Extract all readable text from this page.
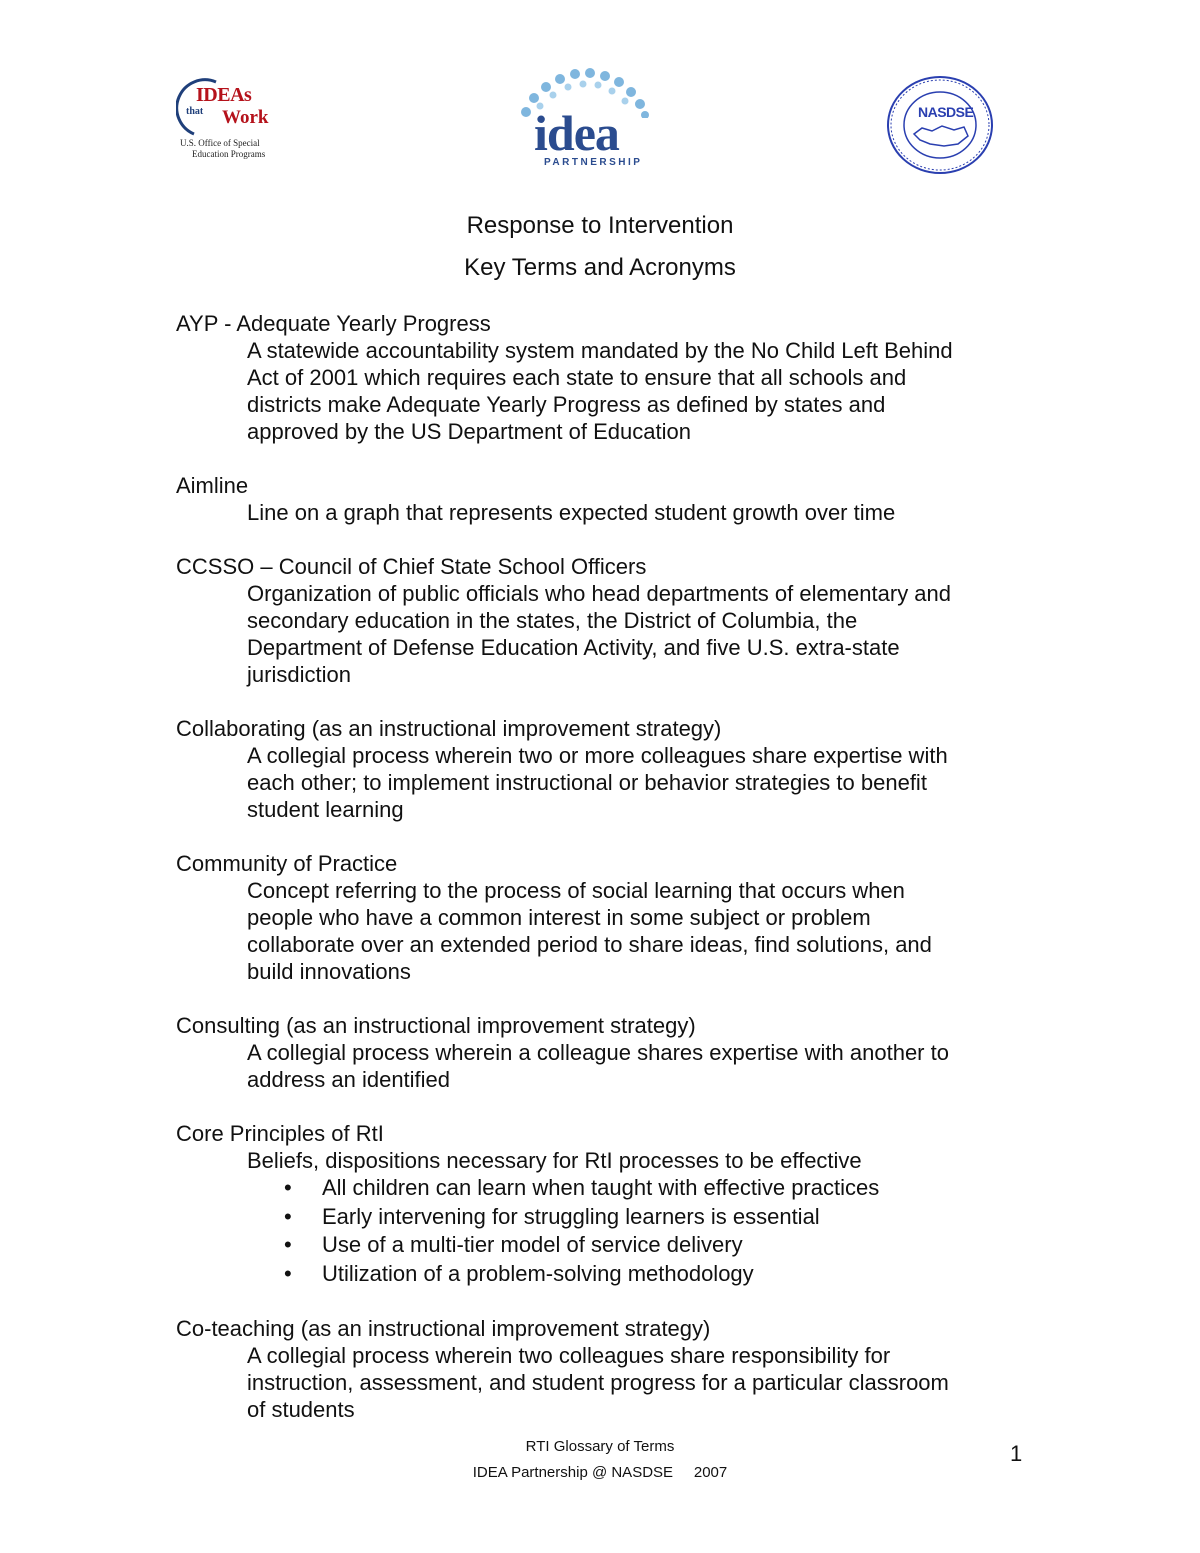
IDEAs
that Work
U.S. Office of Special
Education Programs	idea
PARTNERSHIP
NASDSE
Response to Intervention
Key Terms and Acronyms
AYP - Adequate Yearly Progress
A statewide accountability system mandated by the No Child Left Behind
Act of 2001 which requires each state to ensure that all schools and
districts make Adequate Yearly Progress as defined by states and
approved by the US Department of Education
Aimline
Line on a graph that represents expected student growth over time
CCSSO – Council of Chief State School Officers
Organization of public officials who head departments of elementary and
secondary education in the states, the District of Columbia, the
Department of Defense Education Activity, and five U.S. extra-state
jurisdiction
Collaborating (as an instructional improvement strategy)
A collegial process wherein two or more colleagues share expertise with
each other; to implement instructional or behavior strategies to benefit
student learning
Community of Practice
Concept referring to the process of social learning that occurs when
people who have a common interest in some subject or problem
collaborate over an extended period to share ideas, find solutions, and
build innovations
Consulting (as an instructional improvement strategy)
A collegial process wherein a colleague shares expertise with another to
address an identified
Core Principles of RtI
Beliefs, dispositions necessary for RtI processes to be effective
• All children can learn when taught with effective practices
• Early intervening for struggling learners is essential
• Use of a multi-tier model of service delivery
• Utilization of a problem-solving methodology
Co-teaching (as an instructional improvement strategy)
A collegial process wherein two colleagues share responsibility for
instruction, assessment, and student progress for a particular classroom
of students
RTI Glossary of Terms
IDEA Partnership @ NASDSE     2007
1
